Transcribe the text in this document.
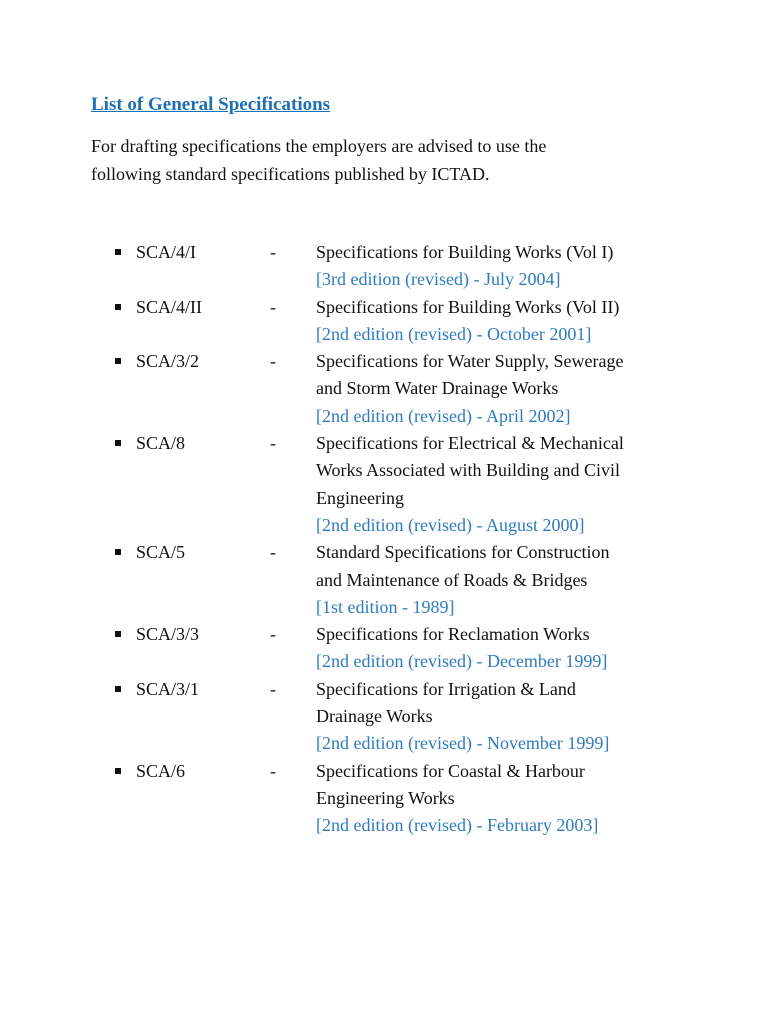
List of General Specifications
For drafting specifications the employers are advised to use the
following standard specifications published by ICTAD.
SCA/4/I	- Specifications for Building Works (Vol I)
[3rd edition (revised) - July 2004]
SCA/4/II	- Specifications for Building Works (Vol II)
[2nd edition (revised) - October 2001]
SCA/3/2	- Specifications for Water Supply, Sewerage
and Storm Water Drainage Works
[2nd edition (revised) - April 2002]
SCA/8	- Specifications for Electrical & Mechanical
Works Associated with Building and Civil
Engineering
[2nd edition (revised) - August 2000]
SCA/5	- Standard Specifications for Construction
and Maintenance of Roads & Bridges
[1st edition - 1989]
SCA/3/3	- Specifications for Reclamation Works
[2nd edition (revised) - December 1999]
SCA/3/1	- Specifications for Irrigation & Land
Drainage Works
[2nd edition (revised) - November 1999]
SCA/6	- Specifications for Coastal & Harbour
Engineering Works
[2nd edition (revised) - February 2003]
